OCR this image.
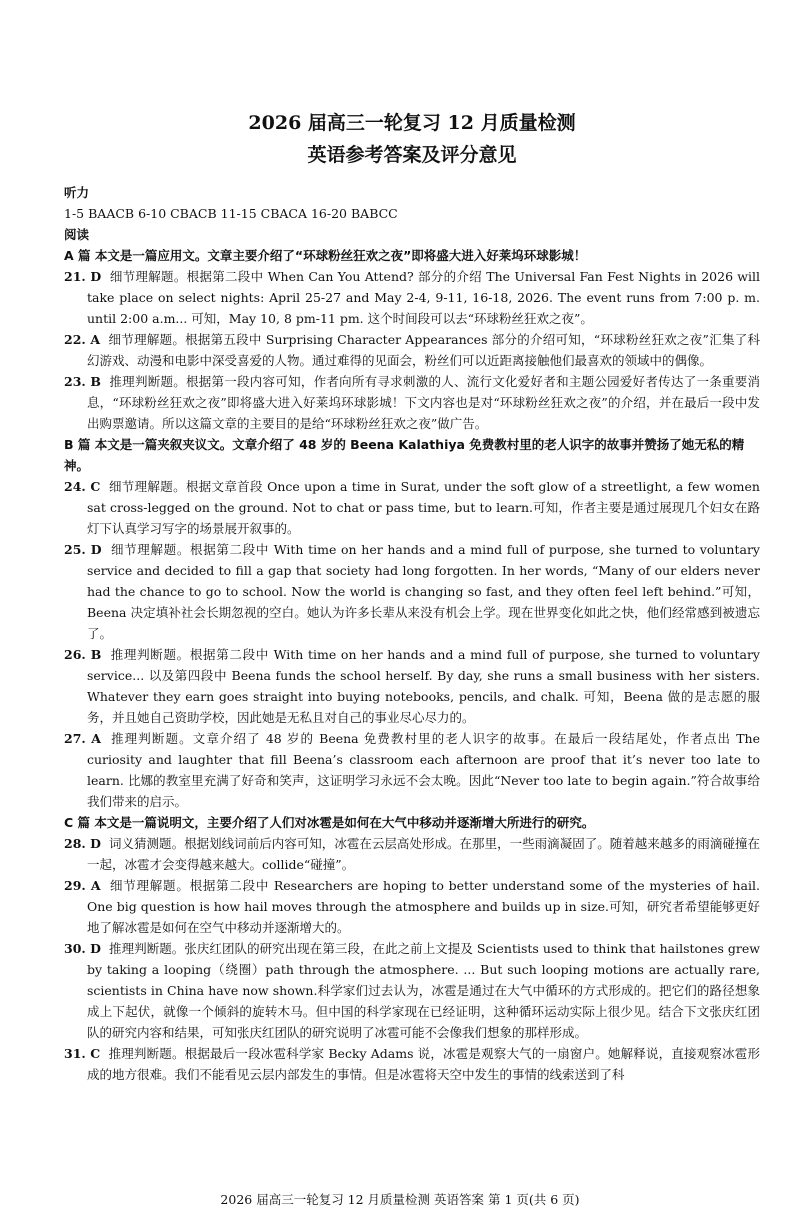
2026 届高三一轮复习 12 月质量检测
英语参考答案及评分意见

听力

1-5 BAACB 6-10 CBACB 11-15 CBACA 16-20 BABCC

阅读

A 篇 本文是一篇应用文。文章主要介绍了“环球粉丝狂欢之夜”即将盛大进入好莱坞环球影城！

21. D 细节理解题。根据第二段中 When Can You Attend? 部分的介绍 The Universal Fan Fest Nights in 2026 will take place on select nights: April 25-27 and May 2-4, 9-11, 16-18, 2026. The event runs from 7:00 p. m. until 2:00 a.m... 可知，May 10, 8 pm-11 pm. 这个时间段可以去“环球粉丝狂欢之夜”。

22. A 细节理解题。根据第五段中 Surprising Character Appearances 部分的介绍可知，“环球粉丝狂欢之夜”汇集了科幻游戏、动漫和电影中深受喜爱的人物。通过难得的见面会，粉丝们可以近距离接触他们最喜欢的领域中的偶像。

23. B 推理判断题。根据第一段内容可知，作者向所有寻求刺激的人、流行文化爱好者和主题公园爱好者传达了一条重要消息，“环球粉丝狂欢之夜”即将盛大进入好莱坞环球影城！下文内容也是对“环球粉丝狂欢之夜”的介绍，并在最后一段中发出购票邀请。所以这篇文章的主要目的是给“环球粉丝狂欢之夜”做广告。

B 篇 本文是一篇夹叙夹议文。文章介绍了 48 岁的 Beena Kalathiya 免费教村里的老人识字的故事并赞扬了她无私的精神。

24. C 细节理解题。根据文章首段 Once upon a time in Surat, under the soft glow of a streetlight, a few women sat cross-legged on the ground. Not to chat or pass time, but to learn.可知，作者主要是通过展现几个妇女在路灯下认真学习写字的场景展开叙事的。

25. D 细节理解题。根据第二段中 With time on her hands and a mind full of purpose, she turned to voluntary service and decided to fill a gap that society had long forgotten. In her words, “Many of our elders never had the chance to go to school. Now the world is changing so fast, and they often feel left behind.”可知，Beena 决定填补社会长期忽视的空白。她认为许多长辈从来没有机会上学。现在世界变化如此之快，他们经常感到被遗忘了。

26. B 推理判断题。根据第二段中 With time on her hands and a mind full of purpose, she turned to voluntary service... 以及第四段中 Beena funds the school herself. By day, she runs a small business with her sisters. Whatever they earn goes straight into buying notebooks, pencils, and chalk. 可知，Beena 做的是志愿的服务，并且她自己资助学校，因此她是无私且对自己的事业尽心尽力的。

27. A 推理判断题。文章介绍了 48 岁的 Beena 免费教村里的老人识字的故事。在最后一段结尾处，作者点出 The curiosity and laughter that fill Beena’s classroom each afternoon are proof that it’s never too late to learn. 比娜的教室里充满了好奇和笑声，这证明学习永远不会太晚。因此“Never too late to begin again.”符合故事给我们带来的启示。

C 篇 本文是一篇说明文，主要介绍了人们对冰雹是如何在大气中移动并逐渐增大所进行的研究。

28. D 词义猜测题。根据划线词前后内容可知，冰雹在云层高处形成。在那里，一些雨滴凝固了。随着越来越多的雨滴碰撞在一起，冰雹才会变得越来越大。collide“碰撞”。

29. A 细节理解题。根据第二段中 Researchers are hoping to better understand some of the mysteries of hail. One big question is how hail moves through the atmosphere and builds up in size.可知，研究者希望能够更好地了解冰雹是如何在空气中移动并逐渐增大的。

30. D 推理判断题。张庆红团队的研究出现在第三段，在此之前上文提及 Scientists used to think that hailstones grew by taking a looping（绕圈）path through the atmosphere. ... But such looping motions are actually rare, scientists in China have now shown.科学家们过去认为，冰雹是通过在大气中循环的方式形成的。把它们的路径想象成上下起伏，就像一个倾斜的旋转木马。但中国的科学家现在已经证明，这种循环运动实际上很少见。结合下文张庆红团队的研究内容和结果，可知张庆红团队的研究说明了冰雹可能不会像我们想象的那样形成。

31. C 推理判断题。根据最后一段冰雹科学家 Becky Adams 说，冰雹是观察大气的一扇窗户。她解释说，直接观察冰雹形成的地方很难。我们不能看见云层内部发生的事情。但是冰雹将天空中发生的事情的线索送到了科

2026 届高三一轮复习 12 月质量检测 英语答案 第 1 页(共 6 页)
